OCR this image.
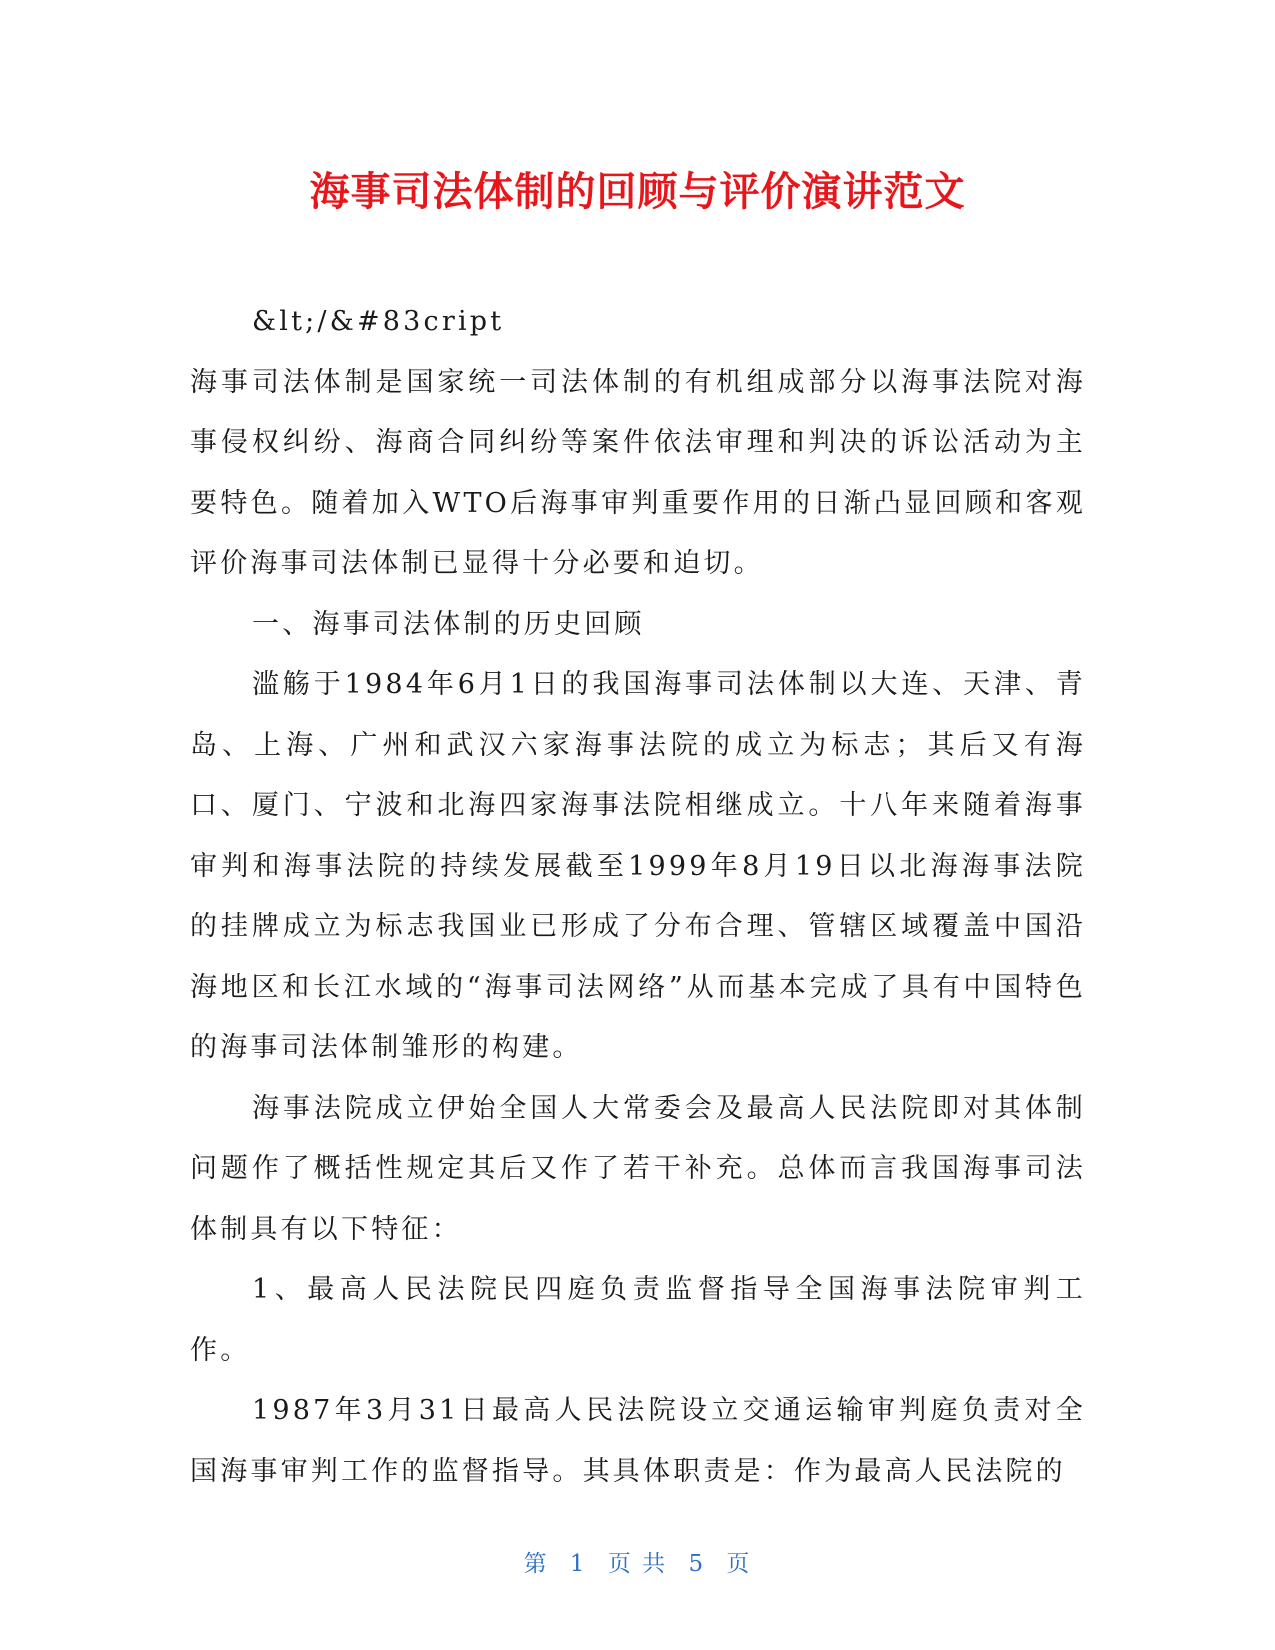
海事司法体制的回顾与评价演讲范文

&lt;/&#83cript

海事司法体制是国家统一司法体制的有机组成部分以海事法院对海事侵权纠纷、海商合同纠纷等案件依法审理和判决的诉讼活动为主要特色。随着加入WTO后海事审判重要作用的日渐凸显回顾和客观评价海事司法体制已显得十分必要和迫切。

一、海事司法体制的历史回顾

滥觞于1984年6月1日的我国海事司法体制以大连、天津、青岛、上海、广州和武汉六家海事法院的成立为标志；其后又有海口、厦门、宁波和北海四家海事法院相继成立。十八年来随着海事审判和海事法院的持续发展截至1999年8月19日以北海海事法院的挂牌成立为标志我国业已形成了分布合理、管辖区域覆盖中国沿海地区和长江水域的“海事司法网络”从而基本完成了具有中国特色的海事司法体制雏形的构建。

海事法院成立伊始全国人大常委会及最高人民法院即对其体制问题作了概括性规定其后又作了若干补充。总体而言我国海事司法体制具有以下特征：

1、最高人民法院民四庭负责监督指导全国海事法院审判工作。

1987年3月31日最高人民法院设立交通运输审判庭负责对全国海事审判工作的监督指导。其具体职责是：作为最高人民法院的

第 1 页 共 5 页
